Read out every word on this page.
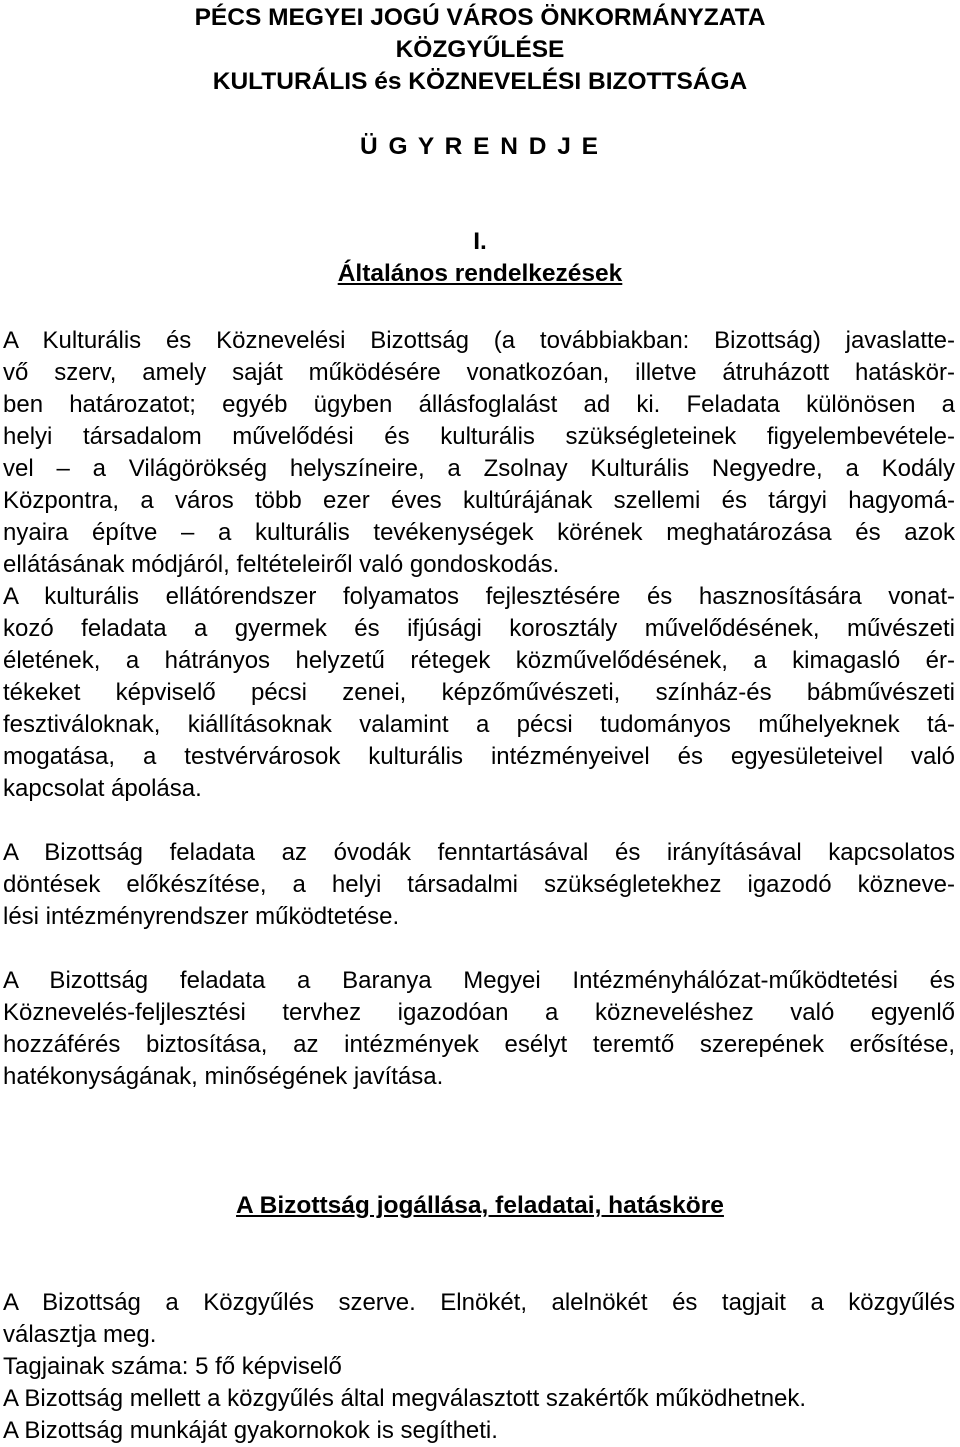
PÉCS MEGYEI JOGÚ VÁROS ÖNKORMÁNYZATA
KÖZGYŰLÉSE
KULTURÁLIS és KÖZNEVELÉSI BIZOTTSÁGA
Ü G Y R E N D J E
I.
Általános rendelkezések
A Kulturális és Köznevelési Bizottság (a továbbiakban: Bizottság) javaslatte-
vő szerv, amely saját működésére vonatkozóan, illetve átruházott hatáskör-
ben határozatot; egyéb ügyben állásfoglalást ad ki. Feladata különösen a
helyi társadalom művelődési és kulturális szükségleteinek figyelembevétele-
vel – a Világörökség helyszíneire, a Zsolnay Kulturális Negyedre, a Kodály
Központra, a város több ezer éves kultúrájának szellemi és tárgyi hagyomá-
nyaira építve – a kulturális tevékenységek körének meghatározása és azok
ellátásának módjáról, feltételeiről való gondoskodás.
A kulturális ellátórendszer folyamatos fejlesztésére és hasznosítására vonat-
kozó feladata a gyermek és ifjúsági korosztály művelődésének, művészeti
életének, a hátrányos helyzetű rétegek közművelődésének, a kimagasló ér-
tékeket képviselő pécsi zenei, képzőművészeti, színház-és bábművészeti
fesztiváloknak, kiállításoknak valamint a pécsi tudományos műhelyeknek tá-
mogatása, a testvérvárosok kulturális intézményeivel és egyesületeivel való
kapcsolat ápolása.
A Bizottság feladata az óvodák fenntartásával és irányításával kapcsolatos
döntések előkészítése, a helyi társadalmi szükségletekhez igazodó közneve-
lési intézményrendszer működtetése.
A Bizottság feladata a Baranya Megyei Intézményhálózat-működtetési és
Köznevelés-feljlesztési tervhez igazodóan a közneveléshez való egyenlő
hozzáférés biztosítása, az intézmények esélyt teremtő szerepének erősítése,
hatékonyságának, minőségének javítása.
A Bizottság jogállása, feladatai, hatásköre
A Bizottság a Közgyűlés szerve. Elnökét, alelnökét és tagjait a közgyűlés
választja meg.
Tagjainak száma: 5 fő képviselő
A Bizottság mellett a közgyűlés által megválasztott szakértők működhetnek.
A Bizottság munkáját gyakornokok is segítheti.
